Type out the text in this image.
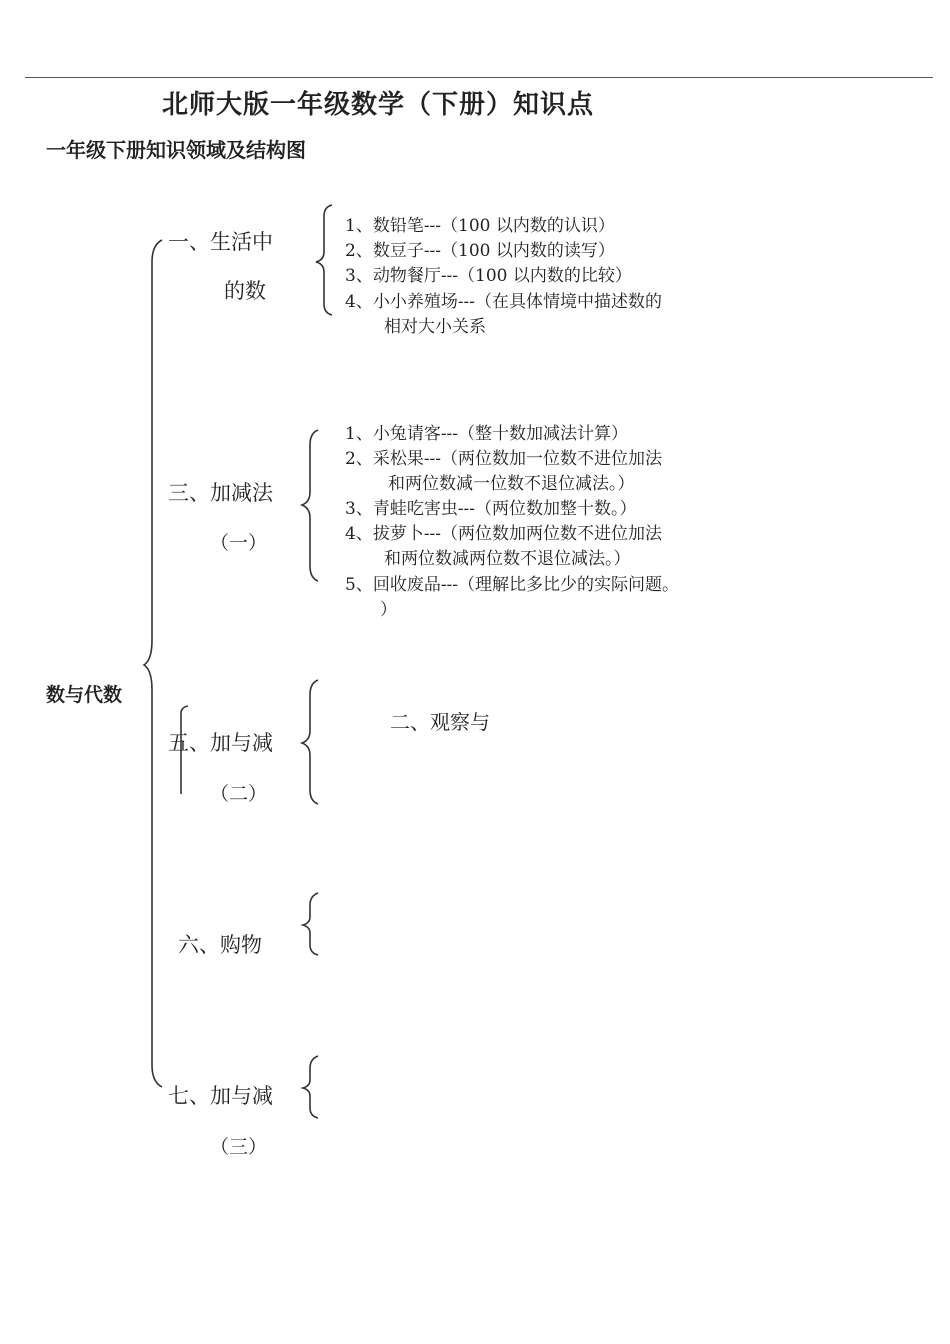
北师大版一年级数学（下册）知识点
一年级下册知识领域及结构图
数与代数
一、生活中
的数
1、数铅笔---（100 以内数的认识）
2、数豆子---（100 以内数的读写）
3、动物餐厅---（100 以内数的比较）
4、小小养殖场---（在具体情境中描述数的
相对大小关系
三、加减法
（一）
1、小兔请客---（整十数加减法计算）
2、采松果---（两位数加一位数不进位加法
和两位数减一位数不退位减法。）
3、青蛙吃害虫---（两位数加整十数。）
4、拔萝卜---（两位数加两位数不进位加法
和两位数减两位数不退位减法。）
5、回收废品---（理解比多比少的实际问题。
）
五、加与减
（二）
二、观察与
六、购物
七、加与减
（三）
